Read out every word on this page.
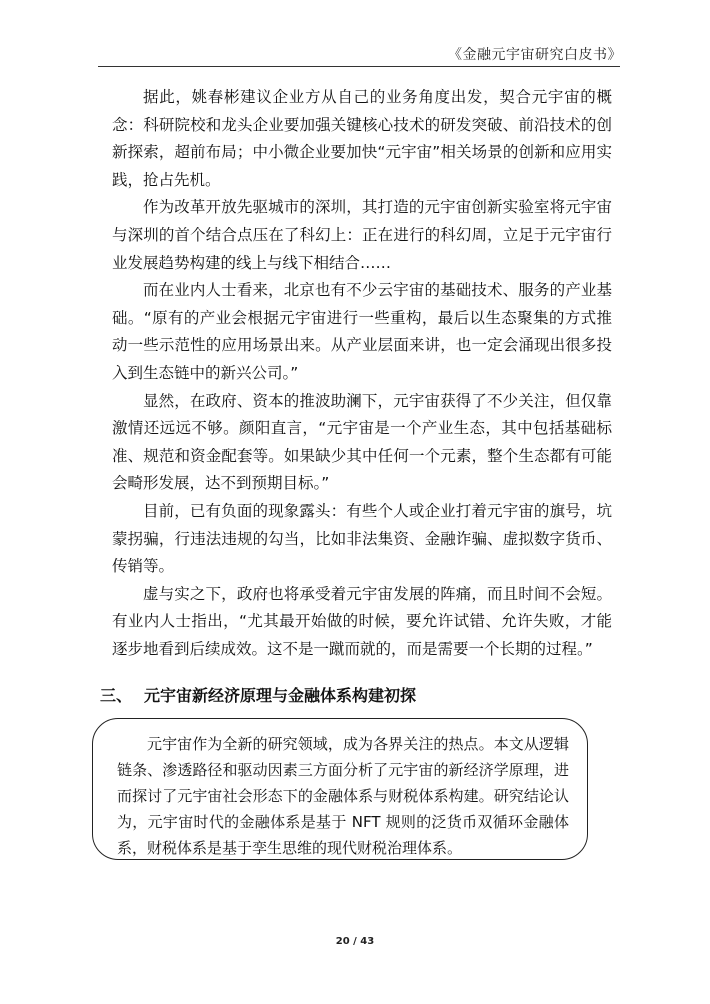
《金融元宇宙研究白皮书》

据此，姚春彬建议企业方从自己的业务角度出发，契合元宇宙的概念：科研院校和龙头企业要加强关键核心技术的研发突破、前沿技术的创新探索，超前布局；中小微企业要加快“元宇宙”相关场景的创新和应用实践，抢占先机。

作为改革开放先驱城市的深圳，其打造的元宇宙创新实验室将元宇宙与深圳的首个结合点压在了科幻上：正在进行的科幻周，立足于元宇宙行业发展趋势构建的线上与线下相结合……

而在业内人士看来，北京也有不少云宇宙的基础技术、服务的产业基础。“原有的产业会根据元宇宙进行一些重构，最后以生态聚集的方式推动一些示范性的应用场景出来。从产业层面来讲，也一定会涌现出很多投入到生态链中的新兴公司。”

显然，在政府、资本的推波助澜下，元宇宙获得了不少关注，但仅靠激情还远远不够。颜阳直言，“元宇宙是一个产业生态，其中包括基础标准、规范和资金配套等。如果缺少其中任何一个元素，整个生态都有可能会畸形发展，达不到预期目标。”

目前，已有负面的现象露头：有些个人或企业打着元宇宙的旗号，坑蒙拐骗，行违法违规的勾当，比如非法集资、金融诈骗、虚拟数字货币、传销等。

虚与实之下，政府也将承受着元宇宙发展的阵痛，而且时间不会短。有业内人士指出，“尤其最开始做的时候，要允许试错、允许失败，才能逐步地看到后续成效。这不是一蹴而就的，而是需要一个长期的过程。”

三、 元宇宙新经济原理与金融体系构建初探

元宇宙作为全新的研究领域，成为各界关注的热点。本文从逻辑链条、渗透路径和驱动因素三方面分析了元宇宙的新经济学原理，进而探讨了元宇宙社会形态下的金融体系与财税体系构建。研究结论认为，元宇宙时代的金融体系是基于 NFT 规则的泛货币双循环金融体系，财税体系是基于孪生思维的现代财税治理体系。

20 / 43
